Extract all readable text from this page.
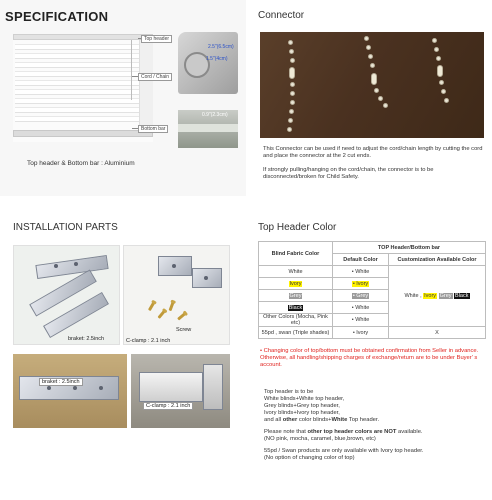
SPECIFICATION
Top header
Cord / Chain
Bottom bar
2.5"(6.5cm)
1.5"(4cm)
0.9"(2.3cm)
Top header & Bottom bar : Aluminium
Connector
This Connector can be used if need to adjust the cord/chain length by cutting the cord and place the connector at the 2 cut ends.
If strongly pulling/hanging on the cord/chain, the connector is to be disconnected/broken for Child Safety.
INSTALLATION PARTS
braket: 2.5inch
Screw
C-clamp : 2.1 inch
braket : 2.5inch
C-clamp : 2.1 inch
Top Header Color
Blind Fabric Color	TOP Header/Bottom bar	
	Default Color	Customization Available Color
White	• White	White , Ivory Grey Black
Ivory	• Ivory	
Grey	• Grey	
Black	• White	
Other Colors (Mocha, Pink etc)	• White	
55pd , swan (Triple shades)	• Ivory	X
• Changing color of top/bottom must be obtained confirmation from Seller in advance. Otherwise, all handling/shipping charges of exchange/return are to be under Buyer' s account.
Top header is to be
White blinds+White top header,
Grey blinds+Grey top header,
Ivory blinds+Ivory top header,
and all other color blinds+White Top header.
Please note that other top header colors are NOT available.
(NO pink, mocha, caramel, blue,brown, etc)
55pd / Swan products are only available with Ivory top header.
(No option of changing color of top)
